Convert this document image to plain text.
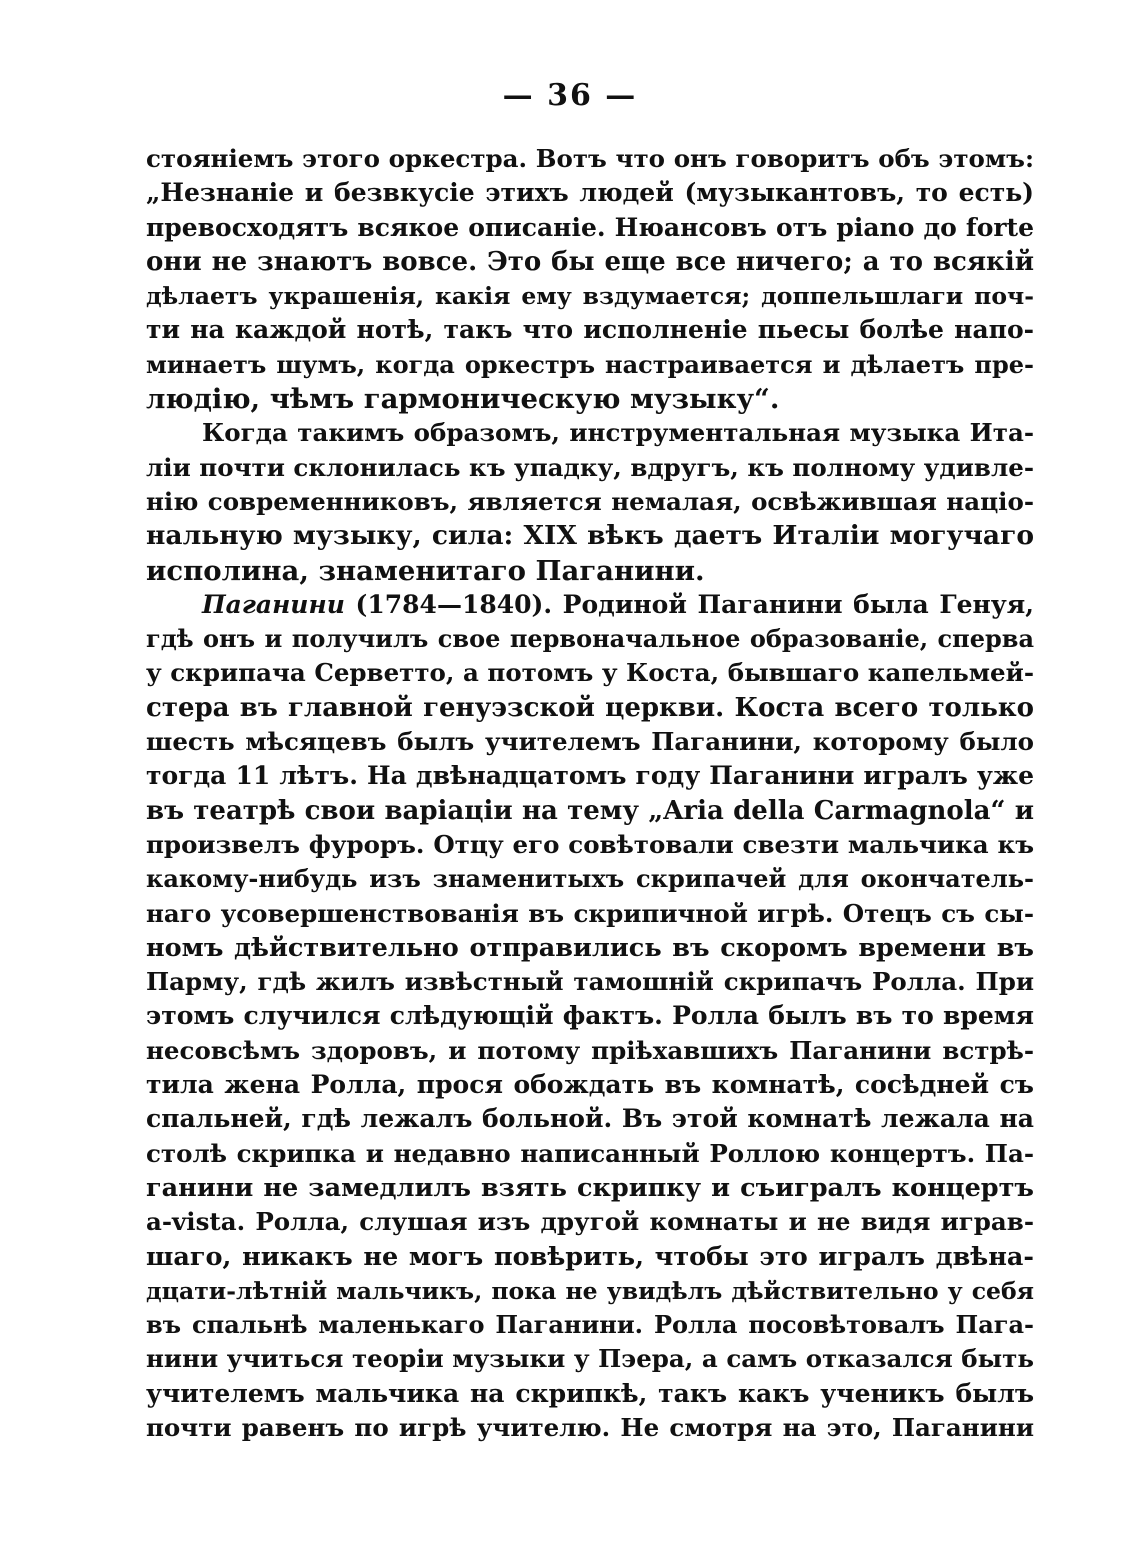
— 36 —
стоянiемъ этого оркестра. Вотъ что онъ говоритъ объ этомъ:
„Незнанiе и безвкусiе этихъ людей (музыкантовъ, то есть)
превосходятъ всякое описанiе. Нюансовъ отъ piano до forte
они не знаютъ вовсе. Это бы еще все ничего; а то всякiй
дѣлаетъ украшенiя, какiя ему вздумается; доппельшлаги поч-
ти на каждой нотѣ, такъ что исполненiе пьесы болѣе напо-
минаетъ шумъ, когда оркестръ настраивается и дѣлаетъ пре-
людiю, чѣмъ гармоническую музыку“.
Когда такимъ образомъ, инструментальная музыка Ита-
лiи почти склонилась къ упадку, вдругъ, къ полному удивле-
нiю современниковъ, является немалая, освѣжившая нацiо-
нальную музыку, сила: XIX вѣкъ даетъ Италiи могучаго
исполина, знаменитаго Паганини.
Паганини (1784—1840). Родиной Паганини была Генуя,
гдѣ онъ и получилъ свое первоначальное образованiе, сперва
у скрипача Серветто, а потомъ у Коста, бывшаго капельмей-
стера въ главной генуэзской церкви. Коста всего только
шесть мѣсяцевъ былъ учителемъ Паганини, которому было
тогда 11 лѣтъ. На двѣнадцатомъ году Паганини игралъ уже
въ театрѣ свои варiацiи на тему „Aria della Carmagnola“ и
произвелъ фуроръ. Отцу его совѣтовали свезти мальчика къ
какому-нибудь изъ знаменитыхъ скрипачей для окончатель-
наго усовершенствованiя въ скрипичной игрѣ. Отецъ съ сы-
номъ дѣйствительно отправились въ скоромъ времени въ
Парму, гдѣ жилъ извѣстный тамошнiй скрипачъ Ролла. При
этомъ случился слѣдующiй фактъ. Ролла былъ въ то время
несовсѣмъ здоровъ, и потому прiѣхавшихъ Паганини встрѣ-
тила жена Ролла, прося обождать въ комнатѣ, сосѣдней съ
спальней, гдѣ лежалъ больной. Въ этой комнатѣ лежала на
столѣ скрипка и недавно написанный Роллою концертъ. Па-
ганини не замедлилъ взять скрипку и съигралъ концертъ
a-vista. Ролла, слушая изъ другой комнаты и не видя игрaв-
шаго, никакъ не могъ повѣрить, чтобы это игралъ двѣна-
дцати-лѣтнiй мальчикъ, пока не увидѣлъ дѣйствительно у себя
въ спальнѣ маленькаго Паганини. Ролла посовѣтовалъ Пага-
нини учиться теорiи музыки у Пэера, а самъ отказался быть
учителемъ мальчика на скрипкѣ, такъ какъ ученикъ былъ
почти равенъ по игрѣ учителю. Не смотря на это, Паганини
